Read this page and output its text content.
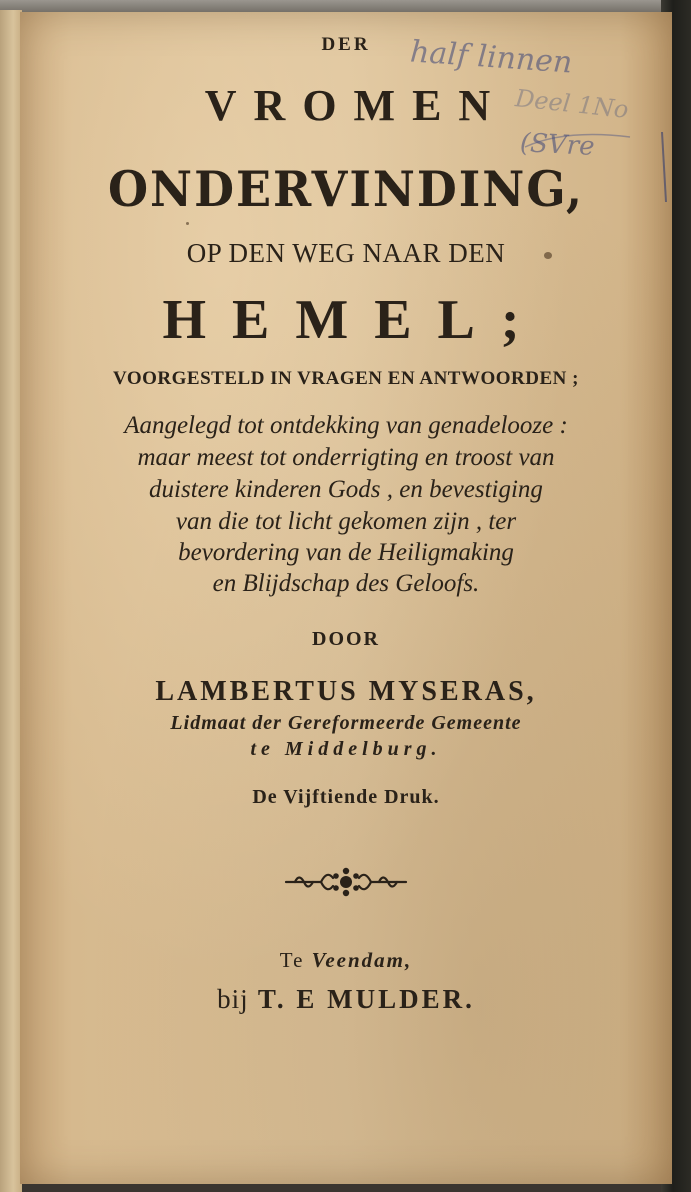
half linnen
Deel 1No
(SVre
DER
VROMEN
ONDERVINDING,
OP DEN WEG NAAR DEN
HEMEL;
VOORGESTELD IN VRAGEN EN ANTWOORDEN ;
Aangelegd tot ontdekking van genadelooze :
maar meest tot onderrigting en troost van
duistere kinderen Gods , en bevestiging
van die tot licht gekomen zijn , ter
bevordering van de Heiligmaking
en Blijdschap des Geloofs.
DOOR
LAMBERTUS MYSERAS,
Lidmaat der Gereformeerde Gemeente
te Middelburg.
De Vijftiende Druk.
Te Veendam,
bij T. E MULDER.
